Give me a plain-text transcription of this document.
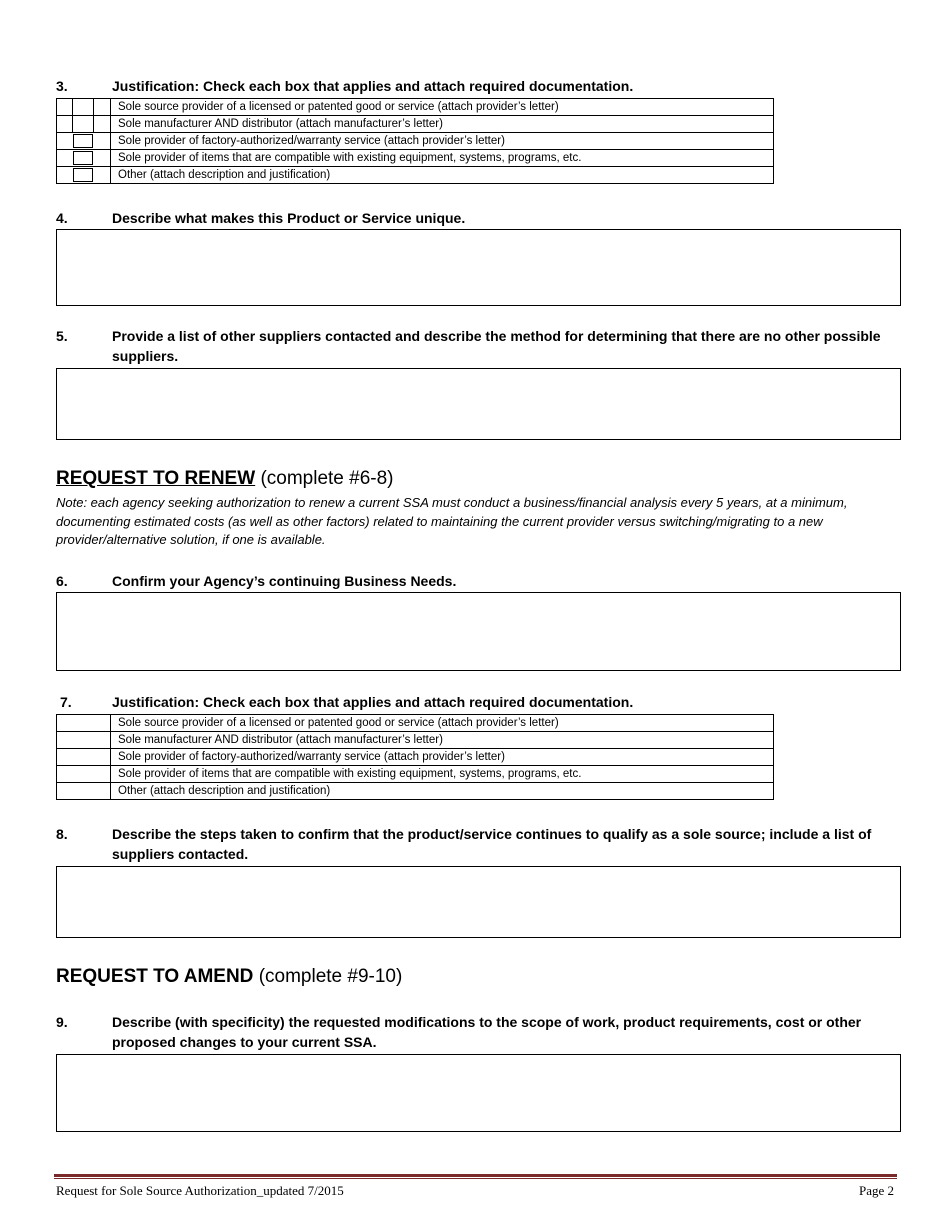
3.	Justification: Check each box that applies and attach required documentation.
	Sole source provider of a licensed or patented good or service (attach provider’s letter)

	Sole manufacturer AND distributor (attach manufacturer’s letter)

	Sole provider of factory-authorized/warranty service (attach provider’s letter)

	Sole provider of items that are compatible with existing equipment, systems, programs, etc.

	Other (attach description and justification)
4.	Describe what makes this Product or Service unique.
5.	Provide a list of other suppliers contacted and describe the method for determining that there are no other possible suppliers.
REQUEST TO RENEW (complete #6-8)
Note: each agency seeking authorization to renew a current SSA must conduct a business/financial analysis every 5 years, at a minimum, documenting estimated costs (as well as other factors) related to maintaining the current provider versus switching/migrating to a new provider/alternative solution, if one is available.
6.	Confirm your Agency’s continuing Business Needs.
7.	Justification: Check each box that applies and attach required documentation.
	Sole source provider of a licensed or patented good or service (attach provider’s letter)
	Sole manufacturer AND distributor (attach manufacturer’s letter)
	Sole provider of factory-authorized/warranty service (attach provider’s letter)
	Sole provider of items that are compatible with existing equipment, systems, programs, etc.
	Other (attach description and justification)
8.	Describe the steps taken to confirm that the product/service continues to qualify as a sole source; include a list of suppliers contacted.
REQUEST TO AMEND (complete #9-10)
9.	Describe (with specificity) the requested modifications to the scope of work, product requirements, cost or other proposed changes to your current SSA.
Request for Sole Source Authorization_updated 7/2015	Page 2
